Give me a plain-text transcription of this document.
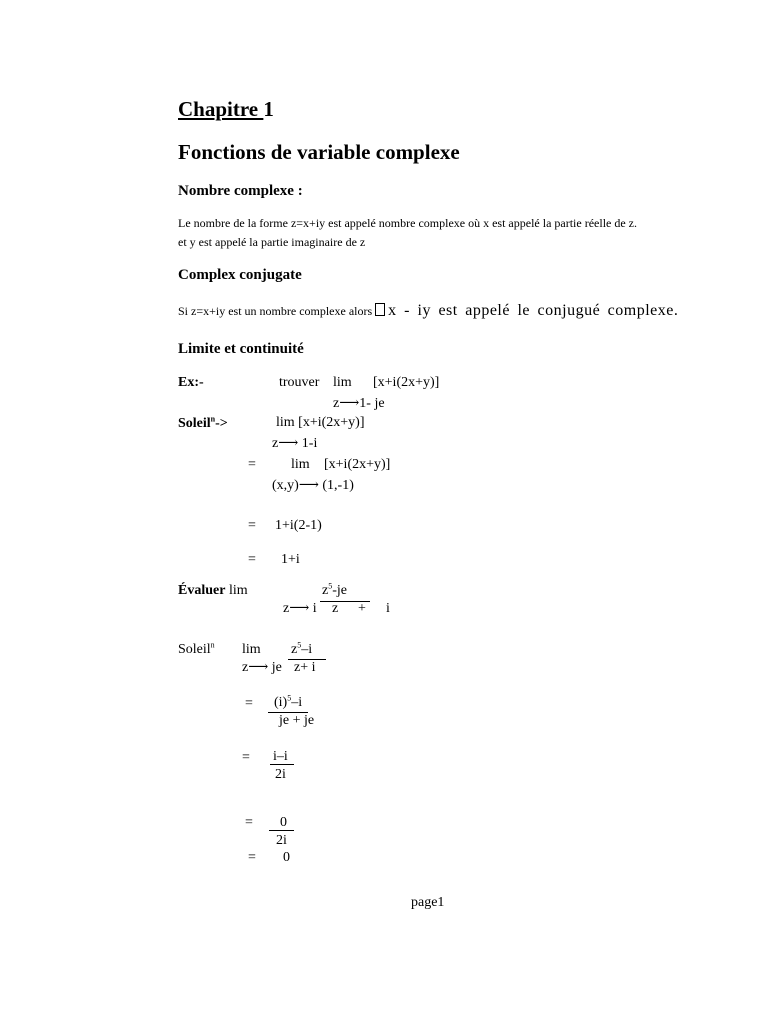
Chapitre 1
Fonctions de variable complexe
Nombre complexe :
Le nombre de la forme z=x+iy est appelé nombre complexe où x est appelé la partie réelle de z.
et y est appelé la partie imaginaire de z
Complex conjugate
Si z=x+iy est un nombre complexe alors x - iy est appelé le conjugué complexe.
Limite et continuité
Ex:-	trouver lim [x+i(2x+y)]
z⟶1- je
Soleil$^n$->	lim [x+i(2x+y)]
z⟶ 1-i
=	lim [x+i(2x+y)]
(x,y)⟶ (1,-1)
= 1+i(2-1)
= 1+i
Évaluer lim	$z^5-je$
z⟶ i z + i
Soleil$^n$ $\lim z^5-i$
z⟶ je z+ i
= $(i)^5-i$
je + je
= i–i
2i
= 0
2i
= 0
page1
